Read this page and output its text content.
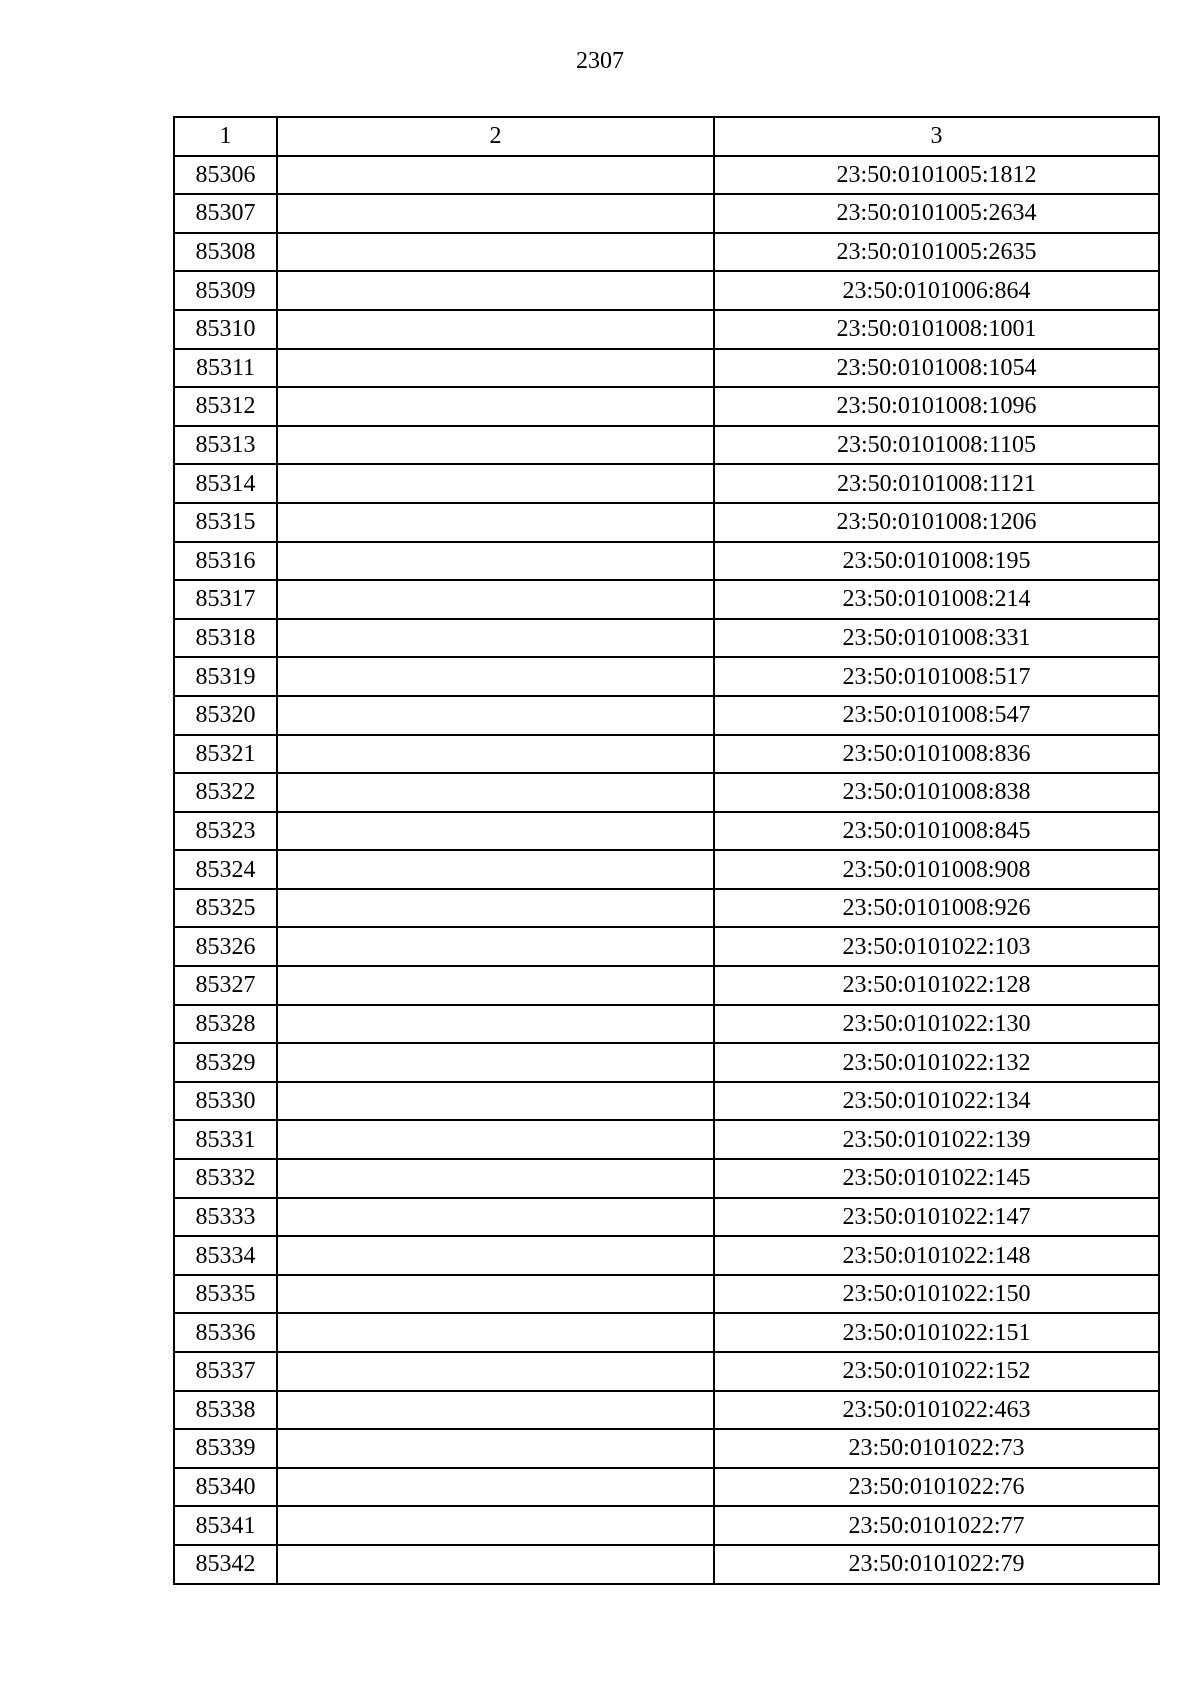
2307
1	2	3
85306		23:50:0101005:1812
85307		23:50:0101005:2634
85308		23:50:0101005:2635
85309		23:50:0101006:864
85310		23:50:0101008:1001
85311		23:50:0101008:1054
85312		23:50:0101008:1096
85313		23:50:0101008:1105
85314		23:50:0101008:1121
85315		23:50:0101008:1206
85316		23:50:0101008:195
85317		23:50:0101008:214
85318		23:50:0101008:331
85319		23:50:0101008:517
85320		23:50:0101008:547
85321		23:50:0101008:836
85322		23:50:0101008:838
85323		23:50:0101008:845
85324		23:50:0101008:908
85325		23:50:0101008:926
85326		23:50:0101022:103
85327		23:50:0101022:128
85328		23:50:0101022:130
85329		23:50:0101022:132
85330		23:50:0101022:134
85331		23:50:0101022:139
85332		23:50:0101022:145
85333		23:50:0101022:147
85334		23:50:0101022:148
85335		23:50:0101022:150
85336		23:50:0101022:151
85337		23:50:0101022:152
85338		23:50:0101022:463
85339		23:50:0101022:73
85340		23:50:0101022:76
85341		23:50:0101022:77
85342		23:50:0101022:79
